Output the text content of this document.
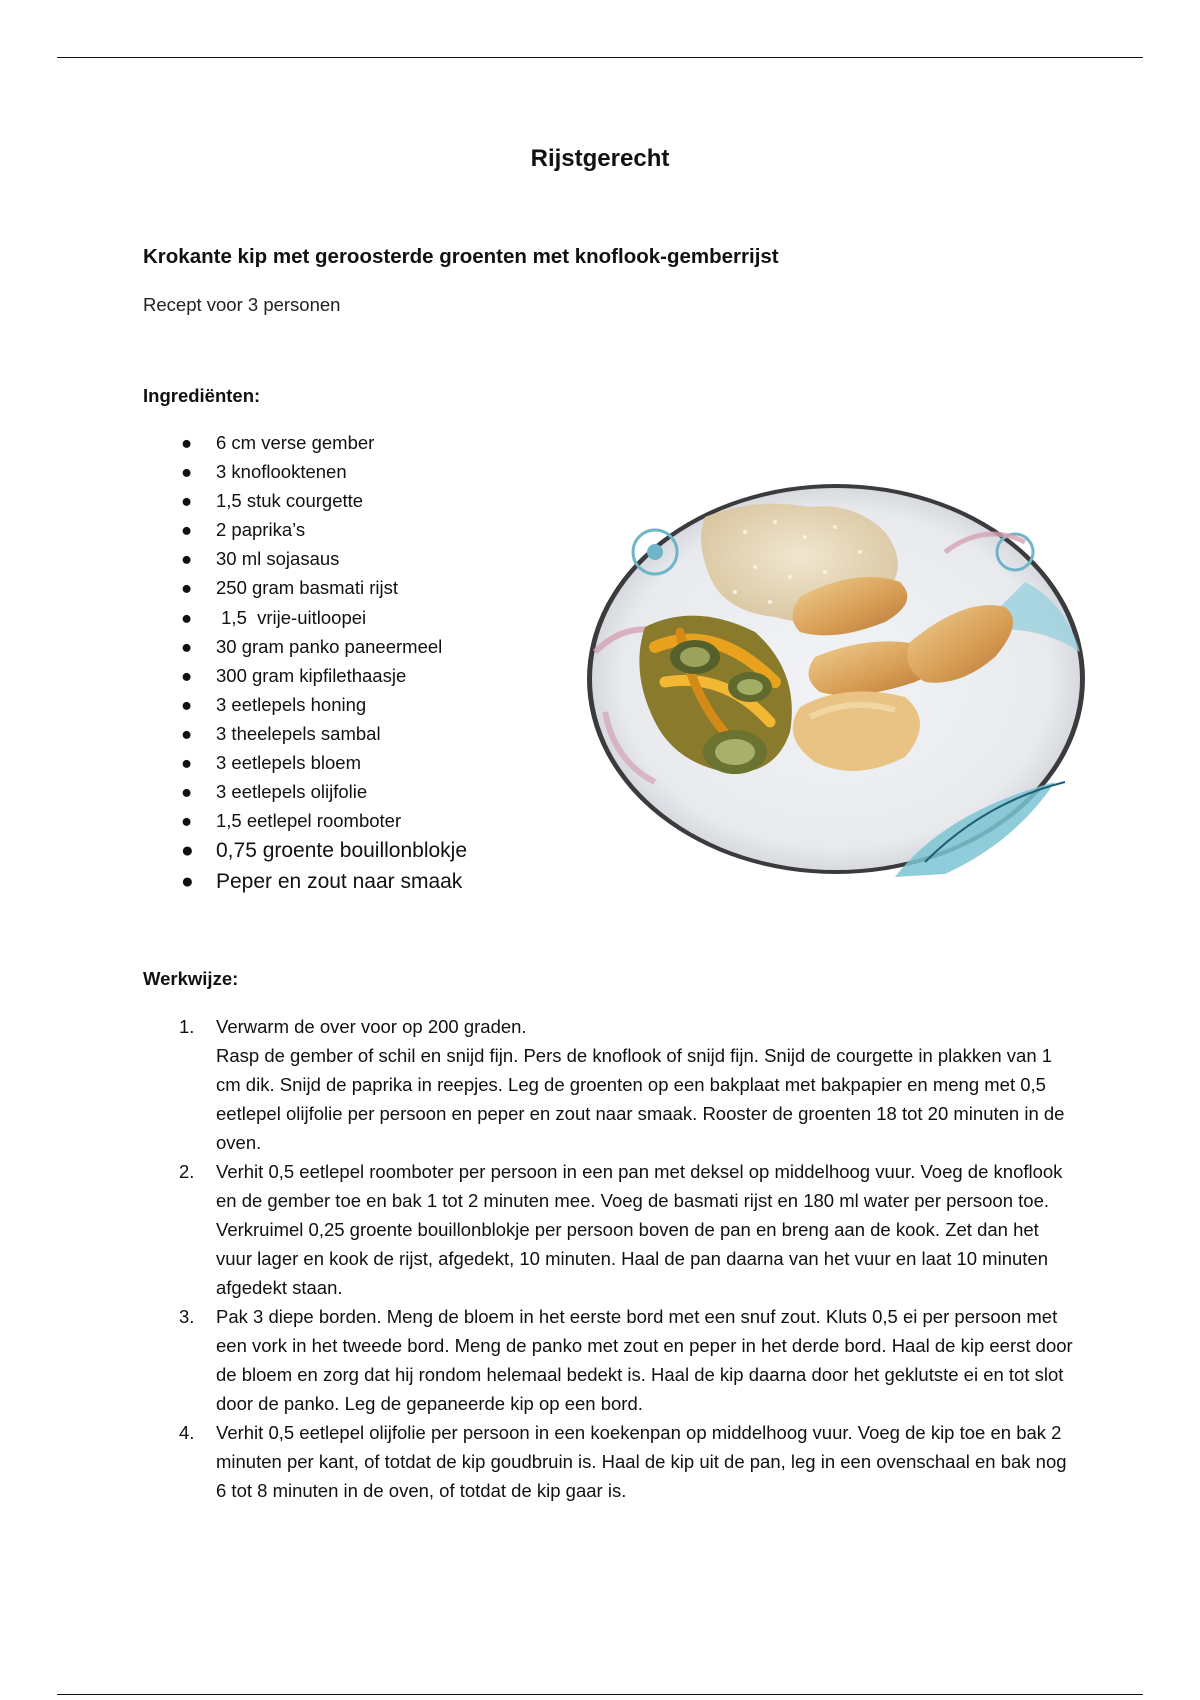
Rijstgerecht
Krokante kip met geroosterde groenten met knoflook-gemberrijst
Recept voor 3 personen
Ingrediënten:
● 6 cm verse gember
● 3 knoflooktenen
● 1,5 stuk courgette
● 2 paprika’s
● 30 ml sojasaus
● 250 gram basmati rijst
● 1,5  vrije-uitloopei
● 30 gram panko paneermeel
● 300 gram kipfilethaasje
● 3 eetlepels honing
● 3 theelepels sambal
● 3 eetlepels bloem
● 3 eetlepels olijfolie
● 1,5 eetlepel roomboter
● 0,75 groente bouillonblokje
● Peper en zout naar smaak
Werkwijze:
1. Verwarm de over voor op 200 graden.
Rasp de gember of schil en snijd fijn. Pers de knoflook of snijd fijn. Snijd de courgette in plakken van 1 cm dik. Snijd de paprika in reepjes. Leg de groenten op een bakplaat met bakpapier en meng met 0,5 eetlepel olijfolie per persoon en peper en zout naar smaak. Rooster de groenten 18 tot 20 minuten in de oven.
2. Verhit 0,5 eetlepel roomboter per persoon in een pan met deksel op middelhoog vuur. Voeg de knoflook en de gember toe en bak 1 tot 2 minuten mee. Voeg de basmati rijst en 180 ml water per persoon toe. Verkruimel 0,25 groente bouillonblokje per persoon boven de pan en breng aan de kook. Zet dan het vuur lager en kook de rijst, afgedekt, 10 minuten. Haal de pan daarna van het vuur en laat 10 minuten afgedekt staan.
3. Pak 3 diepe borden. Meng de bloem in het eerste bord met een snuf zout. Kluts 0,5 ei per persoon met een vork in het tweede bord. Meng de panko met zout en peper in het derde bord. Haal de kip eerst door de bloem en zorg dat hij rondom helemaal bedekt is. Haal de kip daarna door het geklutste ei en tot slot door de panko. Leg de gepaneerde kip op een bord.
4. Verhit 0,5 eetlepel olijfolie per persoon in een koekenpan op middelhoog vuur. Voeg de kip toe en bak 2 minuten per kant, of totdat de kip goudbruin is. Haal de kip uit de pan, leg in een ovenschaal en bak nog 6 tot 8 minuten in de oven, of totdat de kip gaar is.
